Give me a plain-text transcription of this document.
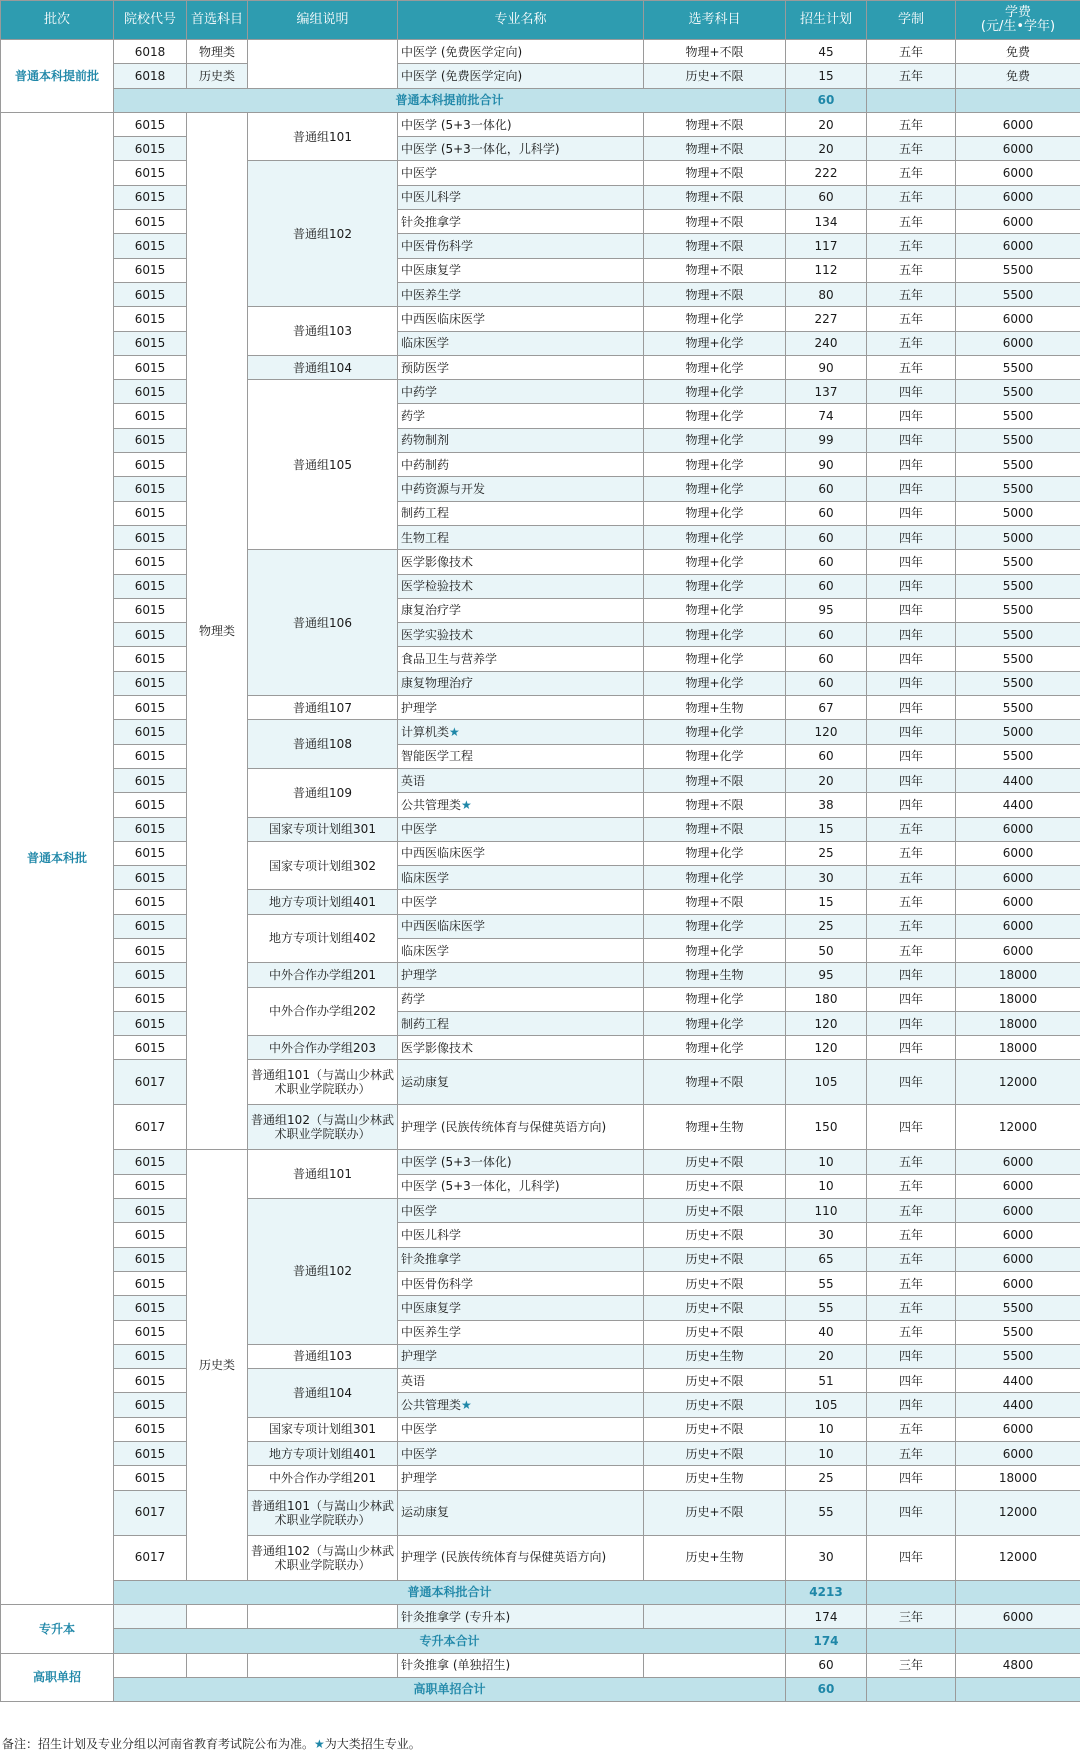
批次	院校代号	首选科目	编组说明	专业名称	选考科目	招生计划	学制	学费
(元/生•学年)
普通本科提前批	6018	物理类		中医学 (免费医学定向)	物理+不限	45	五年	免费
	6018	历史类		中医学 (免费医学定向)	历史+不限	15	五年	免费
	普通本科提前批合计					60		
普通本科批	6015	物理类	普通组101	中医学 (5+3一体化)	物理+不限	20	五年	6000
	6015			中医学 (5+3一体化，儿科学)	物理+不限	20	五年	6000
	6015		普通组102	中医学	物理+不限	222	五年	6000
	6015			中医儿科学	物理+不限	60	五年	6000
	6015			针灸推拿学	物理+不限	134	五年	6000
	6015			中医骨伤科学	物理+不限	117	五年	6000
	6015			中医康复学	物理+不限	112	五年	5500
	6015			中医养生学	物理+不限	80	五年	5500
	6015		普通组103	中西医临床医学	物理+化学	227	五年	6000
	6015			临床医学	物理+化学	240	五年	6000
	6015		普通组104	预防医学	物理+化学	90	五年	5500
	6015		普通组105	中药学	物理+化学	137	四年	5500
	6015			药学	物理+化学	74	四年	5500
	6015			药物制剂	物理+化学	99	四年	5500
	6015			中药制药	物理+化学	90	四年	5500
	6015			中药资源与开发	物理+化学	60	四年	5500
	6015			制药工程	物理+化学	60	四年	5000
	6015			生物工程	物理+化学	60	四年	5000
	6015		普通组106	医学影像技术	物理+化学	60	四年	5500
	6015			医学检验技术	物理+化学	60	四年	5500
	6015			康复治疗学	物理+化学	95	四年	5500
	6015			医学实验技术	物理+化学	60	四年	5500
	6015			食品卫生与营养学	物理+化学	60	四年	5500
	6015			康复物理治疗	物理+化学	60	四年	5500
	6015		普通组107	护理学	物理+生物	67	四年	5500
	6015		普通组108	计算机类★	物理+化学	120	四年	5000
	6015			智能医学工程	物理+化学	60	四年	5500
	6015		普通组109	英语	物理+不限	20	四年	4400
	6015			公共管理类★	物理+不限	38	四年	4400
	6015		国家专项计划组301	中医学	物理+不限	15	五年	6000
	6015		国家专项计划组302	中西医临床医学	物理+化学	25	五年	6000
	6015			临床医学	物理+化学	30	五年	6000
	6015		地方专项计划组401	中医学	物理+不限	15	五年	6000
	6015		地方专项计划组402	中西医临床医学	物理+化学	25	五年	6000
	6015			临床医学	物理+化学	50	五年	6000
	6015		中外合作办学组201	护理学	物理+生物	95	四年	18000
	6015		中外合作办学组202	药学	物理+化学	180	四年	18000
	6015			制药工程	物理+化学	120	四年	18000
	6015		中外合作办学组203	医学影像技术	物理+化学	120	四年	18000
	6017		普通组101（与嵩山少林武术职业学院联办）	运动康复	物理+不限	105	四年	12000
	6017		普通组102（与嵩山少林武术职业学院联办）	护理学 (民族传统体育与保健英语方向)	物理+生物	150	四年	12000
	6015	历史类	普通组101	中医学 (5+3一体化)	历史+不限	10	五年	6000
	6015			中医学 (5+3一体化，儿科学)	历史+不限	10	五年	6000
	6015		普通组102	中医学	历史+不限	110	五年	6000
	6015			中医儿科学	历史+不限	30	五年	6000
	6015			针灸推拿学	历史+不限	65	五年	6000
	6015			中医骨伤科学	历史+不限	55	五年	6000
	6015			中医康复学	历史+不限	55	五年	5500
	6015			中医养生学	历史+不限	40	五年	5500
	6015		普通组103	护理学	历史+生物	20	四年	5500
	6015		普通组104	英语	历史+不限	51	四年	4400
	6015			公共管理类★	历史+不限	105	四年	4400
	6015		国家专项计划组301	中医学	历史+不限	10	五年	6000
	6015		地方专项计划组401	中医学	历史+不限	10	五年	6000
	6015		中外合作办学组201	护理学	历史+生物	25	四年	18000
	6017		普通组101（与嵩山少林武术职业学院联办）	运动康复	历史+不限	55	四年	12000
	6017		普通组102（与嵩山少林武术职业学院联办）	护理学 (民族传统体育与保健英语方向)	历史+生物	30	四年	12000
	普通本科批合计					4213		
专升本				针灸推拿学 (专升本)		174	三年	6000
	专升本合计					174		
高职单招				针灸推拿 (单独招生)		60	三年	4800
	高职单招合计					60		
备注：招生计划及专业分组以河南省教育考试院公布为准。★为大类招生专业。
